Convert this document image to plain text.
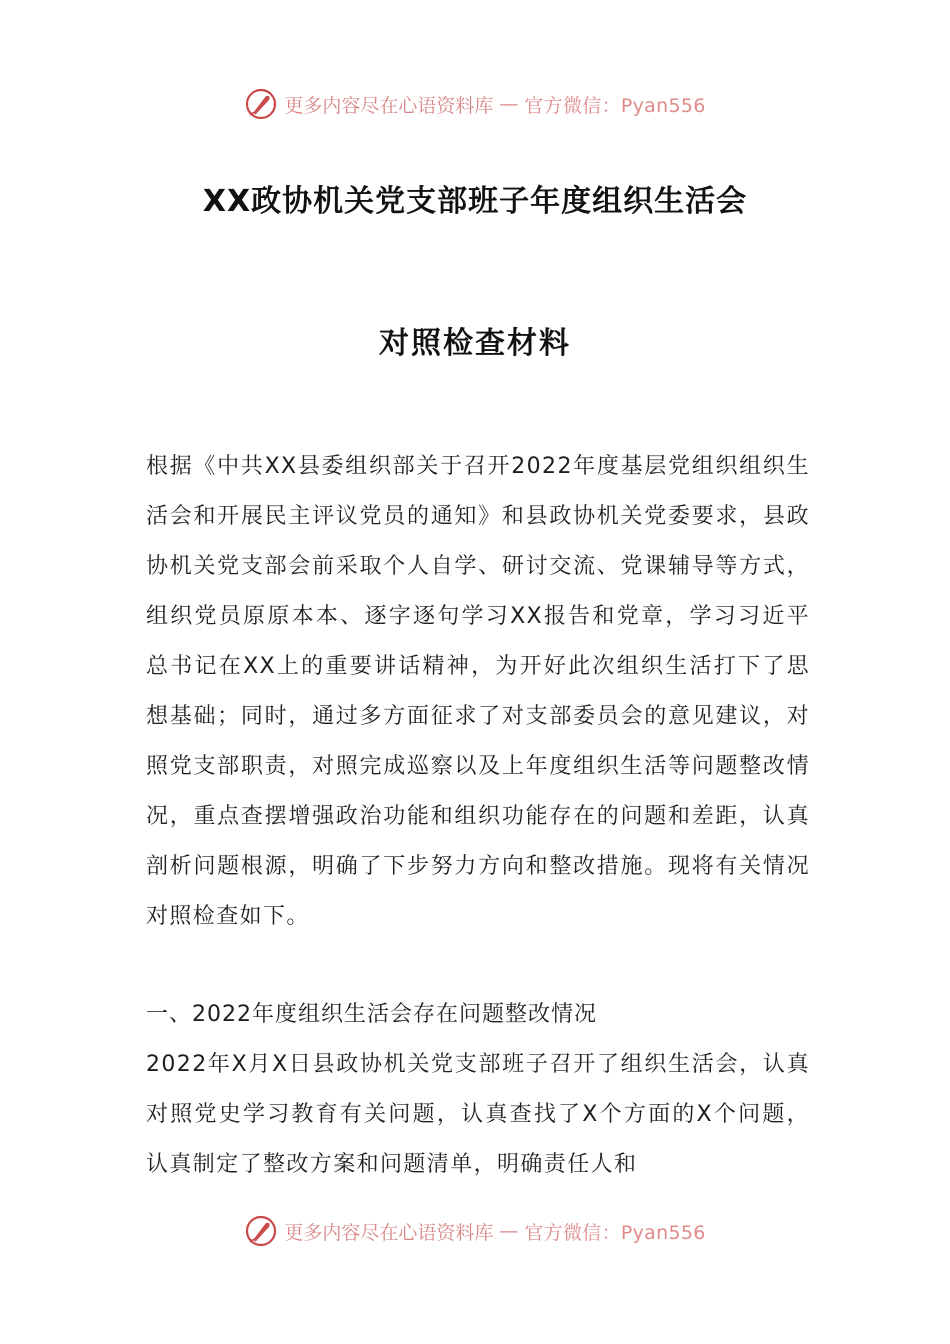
更多内容尽在心语资料库 — 官方微信：Pyan556
XX政协机关党支部班子年度组织生活会
对照检查材料

根据《中共XX县委组织部关于召开2022年度基层党组织组织生活会和开展民主评议党员的通知》和县政协机关党委要求，县政协机关党支部会前采取个人自学、研讨交流、党课辅导等方式，组织党员原原本本、逐字逐句学习XX报告和党章，学习习近平总书记在XX上的重要讲话精神，为开好此次组织生活打下了思想基础；同时，通过多方面征求了对支部委员会的意见建议，对照党支部职责，对照完成巡察以及上年度组织生活等问题整改情况，重点查摆增强政治功能和组织功能存在的问题和差距，认真剖析问题根源，明确了下步努力方向和整改措施。现将有关情况对照检查如下。

一、2022年度组织生活会存在问题整改情况

2022年X月X日县政协机关党支部班子召开了组织生活会，认真对照党史学习教育有关问题，认真查找了X个方面的X个问题，认真制定了整改方案和问题清单，明确责任人和

更多内容尽在心语资料库 — 官方微信：Pyan556
